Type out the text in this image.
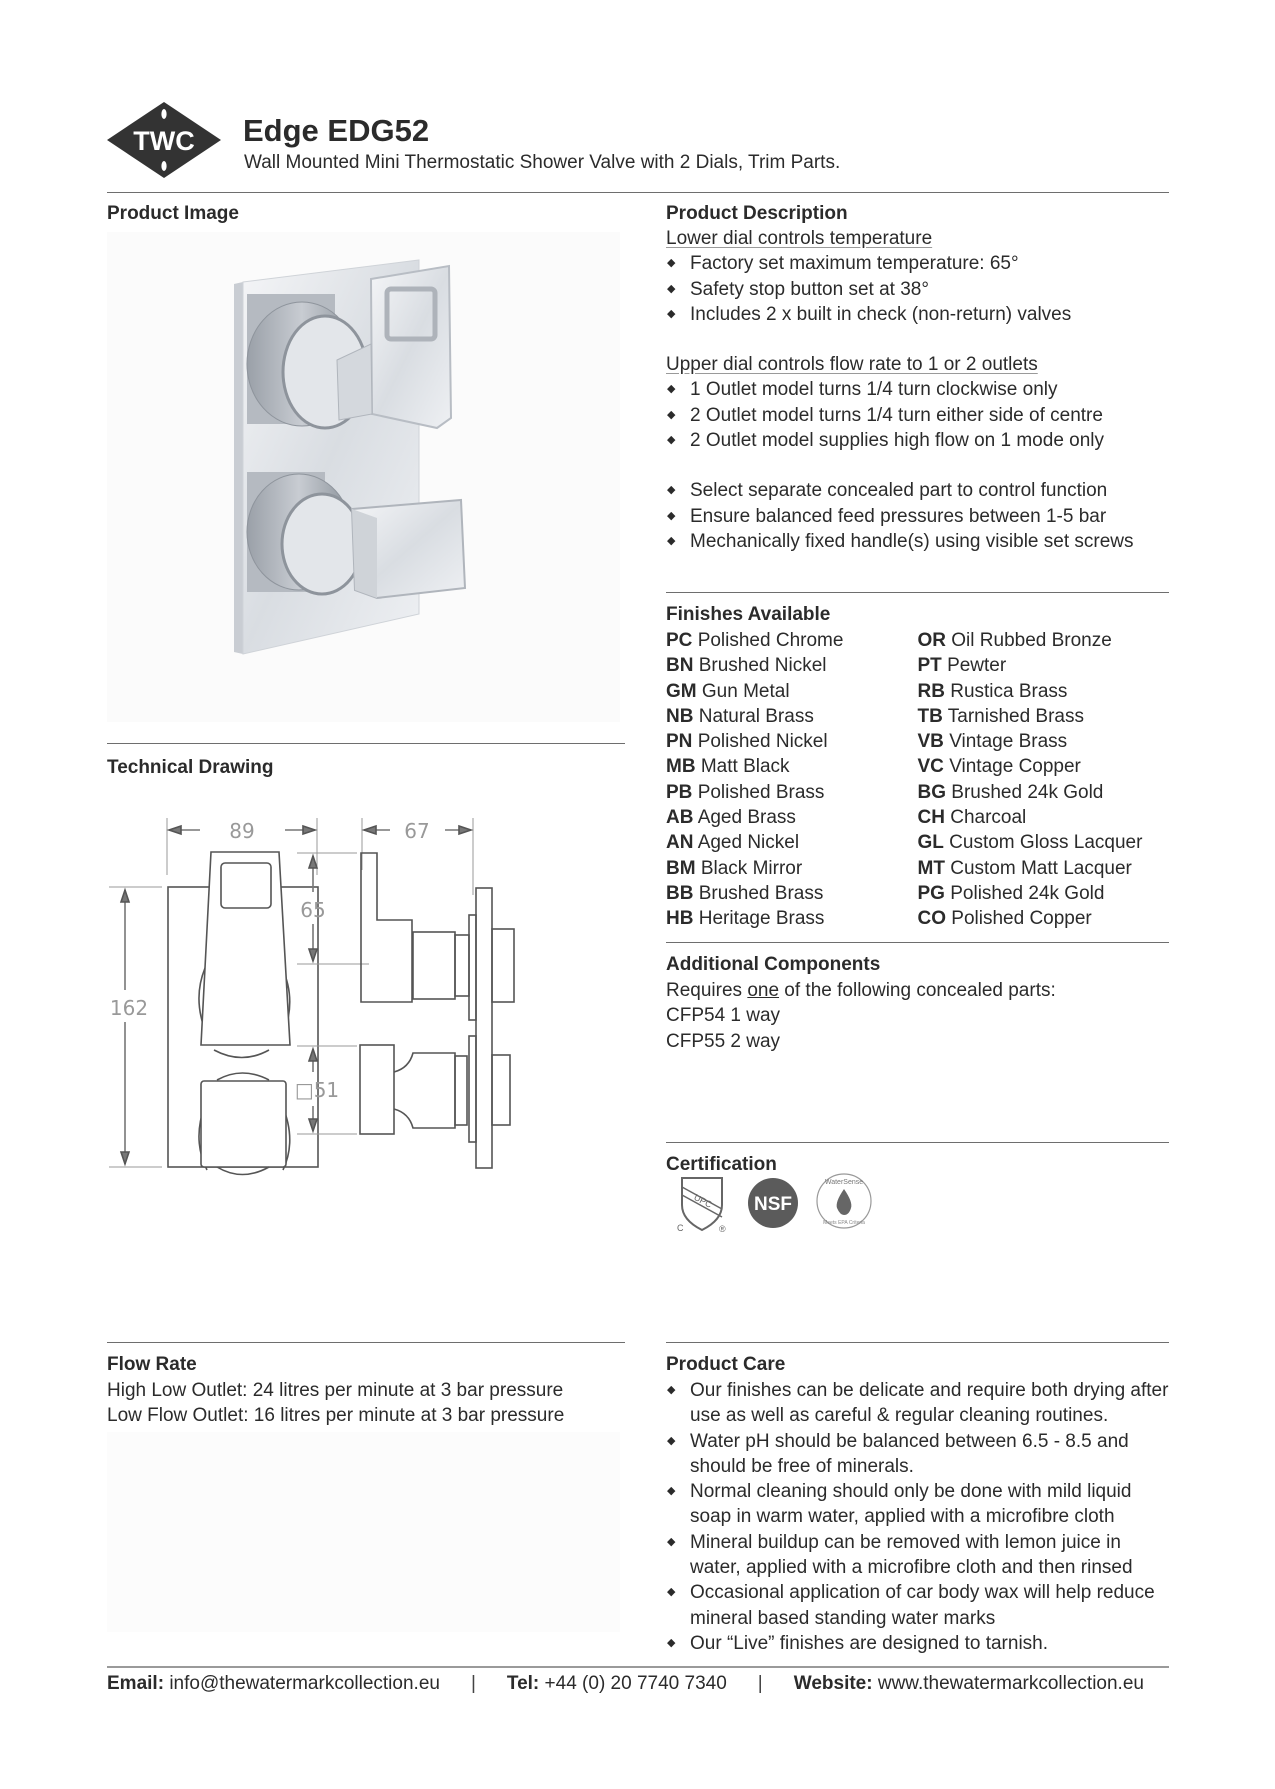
TWC Edge EDG52
Wall Mounted Mini Thermostatic Shower Valve with 2 Dials, Trim Parts.
Product Image
Technical Drawing
89
162
67
65
□51
Product Description
Lower dial controls temperature
◆ Factory set maximum temperature: 65°
◆ Safety stop button set at 38°
◆ Includes 2 x built in check (non-return) valves
Upper dial controls flow rate to 1 or 2 outlets
◆ 1 Outlet model turns 1/4 turn clockwise only
◆ 2 Outlet model turns 1/4 turn either side of centre
◆ 2 Outlet model supplies high flow on 1 mode only
◆ Select separate concealed part to control function
◆ Ensure balanced feed pressures between 1-5 bar
◆ Mechanically fixed handle(s) using visible set screws
Finishes Available
PC Polished Chrome	OR Oil Rubbed Bronze
BN Brushed Nickel	PT Pewter
GM Gun Metal	RB Rustica Brass
NB Natural Brass	TB Tarnished Brass
PN Polished Nickel	VB Vintage Brass
MB Matt Black	VC Vintage Copper
PB Polished Brass	BG Brushed 24k Gold
AB Aged Brass	CH Charcoal
AN Aged Nickel	GL Custom Gloss Lacquer
BM Black Mirror	MT Custom Matt Lacquer
BB Brushed Brass	PG Polished 24k Gold
HB Heritage Brass	CO Polished Copper
Additional Components
Requires one of the following concealed parts:
CFP54 1 way
CFP55 2 way
Certification
UPC
C	®
NSF
WaterSense
Meets EPA Criteria
Flow Rate
High Low Outlet: 24 litres per minute at 3 bar pressure
Low Flow Outlet: 16 litres per minute at 3 bar pressure
Product Care
◆ Our finishes can be delicate and require both drying after use as well as careful & regular cleaning routines.
◆ Water pH should be balanced between 6.5 - 8.5 and should be free of minerals.
◆ Normal cleaning should only be done with mild liquid soap in warm water, applied with a microfibre cloth
◆ Mineral buildup can be removed with lemon juice in water, applied with a microfibre cloth and then rinsed
◆ Occasional application of car body wax will help reduce mineral based standing water marks
◆ Our “Live” finishes are designed to tarnish.
Email:
info@thewatermarkcollection.eu | Tel:
+44 (0) 20 7740 7340 | Website:
www.thewatermarkcollection.eu
